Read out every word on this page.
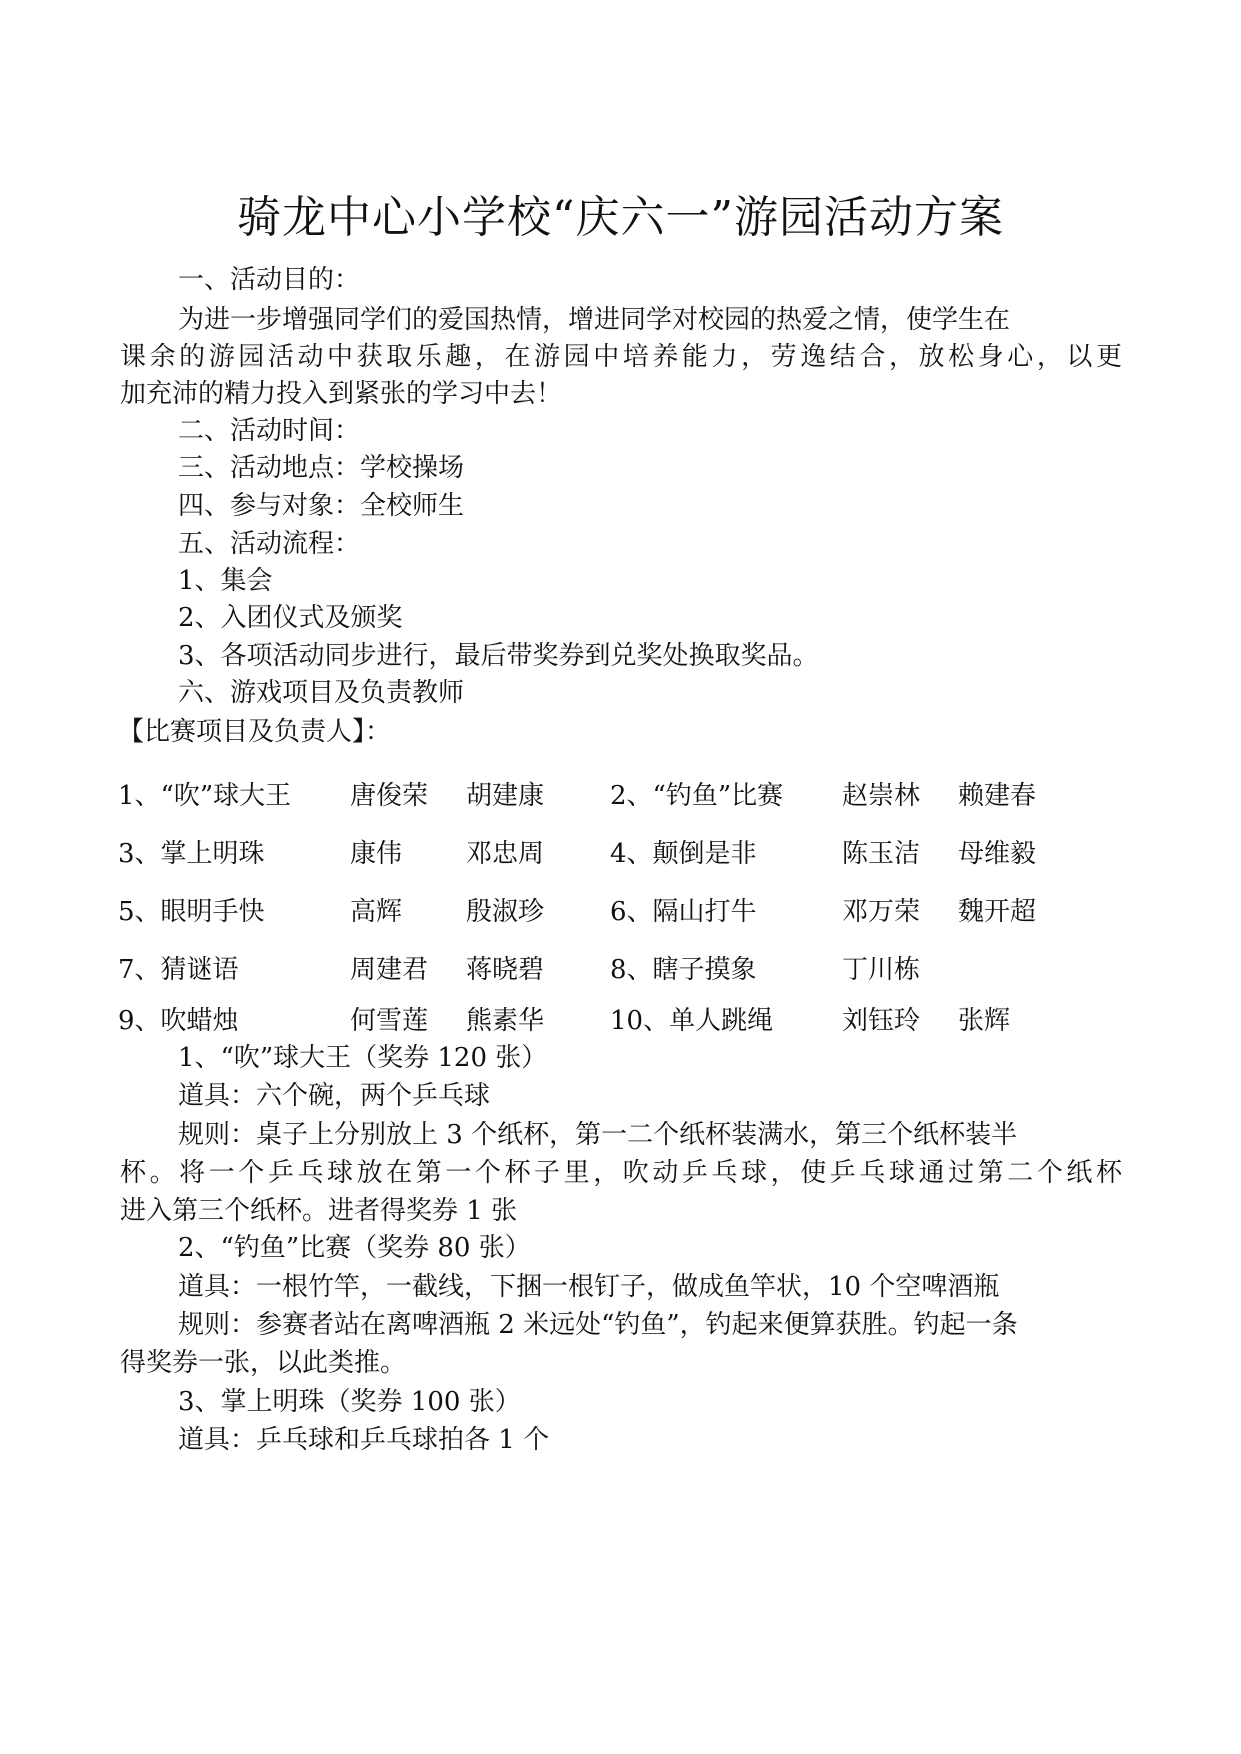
骑龙中心小学校“庆六一”游园活动方案
一、活动目的：
为进一步增强同学们的爱国热情，增进同学对校园的热爱之情，使学生在
课余的游园活动中获取乐趣，在游园中培养能力，劳逸结合，放松身心，以更
加充沛的精力投入到紧张的学习中去！
二、活动时间：
三、活动地点：学校操场
四、参与对象：全校师生
五、活动流程：
1、集会
2、入团仪式及颁奖
3、各项活动同步进行，最后带奖券到兑奖处换取奖品。
六、游戏项目及负责教师
【比赛项目及负责人】：
1、“吹”球大王 唐俊荣 胡建康	2、“钓鱼”比赛 赵崇林 赖建春
3、掌上明珠	康伟 邓忠周	4、颠倒是非	陈玉洁 母维毅
5、眼明手快	高辉 殷淑珍	6、隔山打牛	邓万荣 魏开超
7、猜谜语	周建君 蒋晓碧	8、瞎子摸象	丁川栋
9、吹蜡烛	何雪莲 熊素华	10、单人跳绳	刘钰玲 张辉
1、“吹”球大王（奖券 120 张）
道具：六个碗，两个乒乓球
规则：桌子上分别放上 3 个纸杯，第一二个纸杯装满水，第三个纸杯装半
杯。将一个乒乓球放在第一个杯子里，吹动乒乓球，使乒乓球通过第二个纸杯
进入第三个纸杯。进者得奖券 1 张
2、“钓鱼”比赛（奖券 80 张）
道具：一根竹竿，一截线，下捆一根钉子，做成鱼竿状，10 个空啤酒瓶
规则：参赛者站在离啤酒瓶 2 米远处“钓鱼”，钓起来便算获胜。钓起一条
得奖券一张，以此类推。
3、掌上明珠（奖券 100 张）
道具：乒乓球和乒乓球拍各 1 个
